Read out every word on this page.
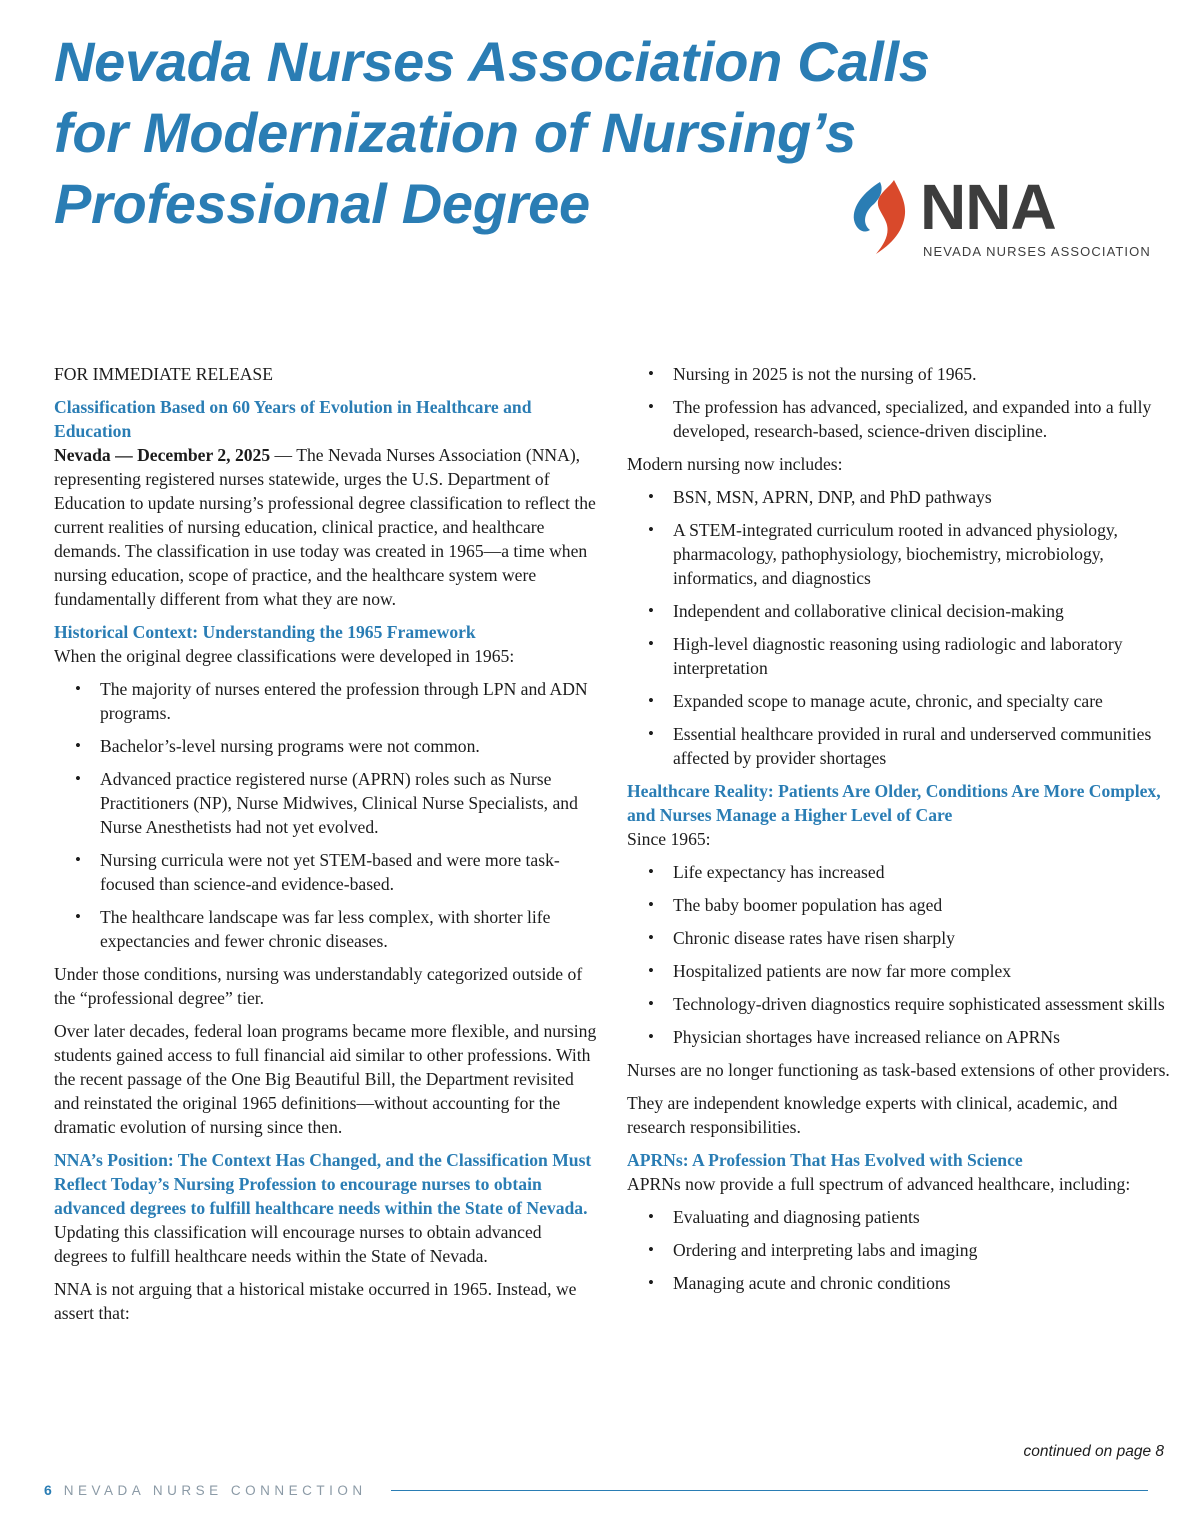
Nevada Nurses Association Calls
for Modernization of Nursing’s
Professional Degree	NNA
NEVADA NURSES ASSOCIATION

FOR IMMEDIATE RELEASE

Classification Based on 60 Years of Evolution in Healthcare and Education

Nevada — December 2, 2025 — The Nevada Nurses Association (NNA), representing registered nurses statewide, urges the U.S. Department of Education to update nursing’s professional degree classification to reflect the current realities of nursing education, clinical practice, and healthcare demands. The classification in use today was created in 1965—a time when nursing education, scope of practice, and the healthcare system were fundamentally different from what they are now.

Historical Context: Understanding the 1965 Framework

When the original degree classifications were developed in 1965:

• The majority of nurses entered the profession through LPN and ADN programs.
• Bachelor’s-level nursing programs were not common.
• Advanced practice registered nurse (APRN) roles such as Nurse Practitioners (NP), Nurse Midwives, Clinical Nurse Specialists, and Nurse Anesthetists had not yet evolved.
• Nursing curricula were not yet STEM-based and were more task-focused than science-and evidence-based.
• The healthcare landscape was far less complex, with shorter life expectancies and fewer chronic diseases.

Under those conditions, nursing was understandably categorized outside of the “professional degree” tier.

Over later decades, federal loan programs became more flexible, and nursing students gained access to full financial aid similar to other professions. With the recent passage of the One Big Beautiful Bill, the Department revisited and reinstated the original 1965 definitions—without accounting for the dramatic evolution of nursing since then.

NNA’s Position: The Context Has Changed, and the Classification Must Reflect Today’s Nursing Profession to encourage nurses to obtain advanced degrees to fulfill healthcare needs within the State of Nevada.

Updating this classification will encourage nurses to obtain advanced degrees to fulfill healthcare needs within the State of Nevada.

NNA is not arguing that a historical mistake occurred in 1965. Instead, we assert that:

• Nursing in 2025 is not the nursing of 1965.
• The profession has advanced, specialized, and expanded into a fully developed, research-based, science-driven discipline.

Modern nursing now includes:

• BSN, MSN, APRN, DNP, and PhD pathways
• A STEM-integrated curriculum rooted in advanced physiology, pharmacology, pathophysiology, biochemistry, microbiology, informatics, and diagnostics
• Independent and collaborative clinical decision-making
• High-level diagnostic reasoning using radiologic and laboratory interpretation
• Expanded scope to manage acute, chronic, and specialty care
• Essential healthcare provided in rural and underserved communities affected by provider shortages
Healthcare Reality: Patients Are Older, Conditions Are More Complex, and Nurses Manage a Higher Level of Care

Since 1965:

• Life expectancy has increased
• The baby boomer population has aged
• Chronic disease rates have risen sharply
• Hospitalized patients are now far more complex
• Technology-driven diagnostics require sophisticated assessment skills
• Physician shortages have increased reliance on APRNs

Nurses are no longer functioning as task-based extensions of other providers.

They are independent knowledge experts with clinical, academic, and research responsibilities.

APRNs: A Profession That Has Evolved with Science

APRNs now provide a full spectrum of advanced healthcare, including:

• Evaluating and diagnosing patients
• Ordering and interpreting labs and imaging
• Managing acute and chronic conditions
continued on page 8
6 NEVADA NURSE CONNECTION
